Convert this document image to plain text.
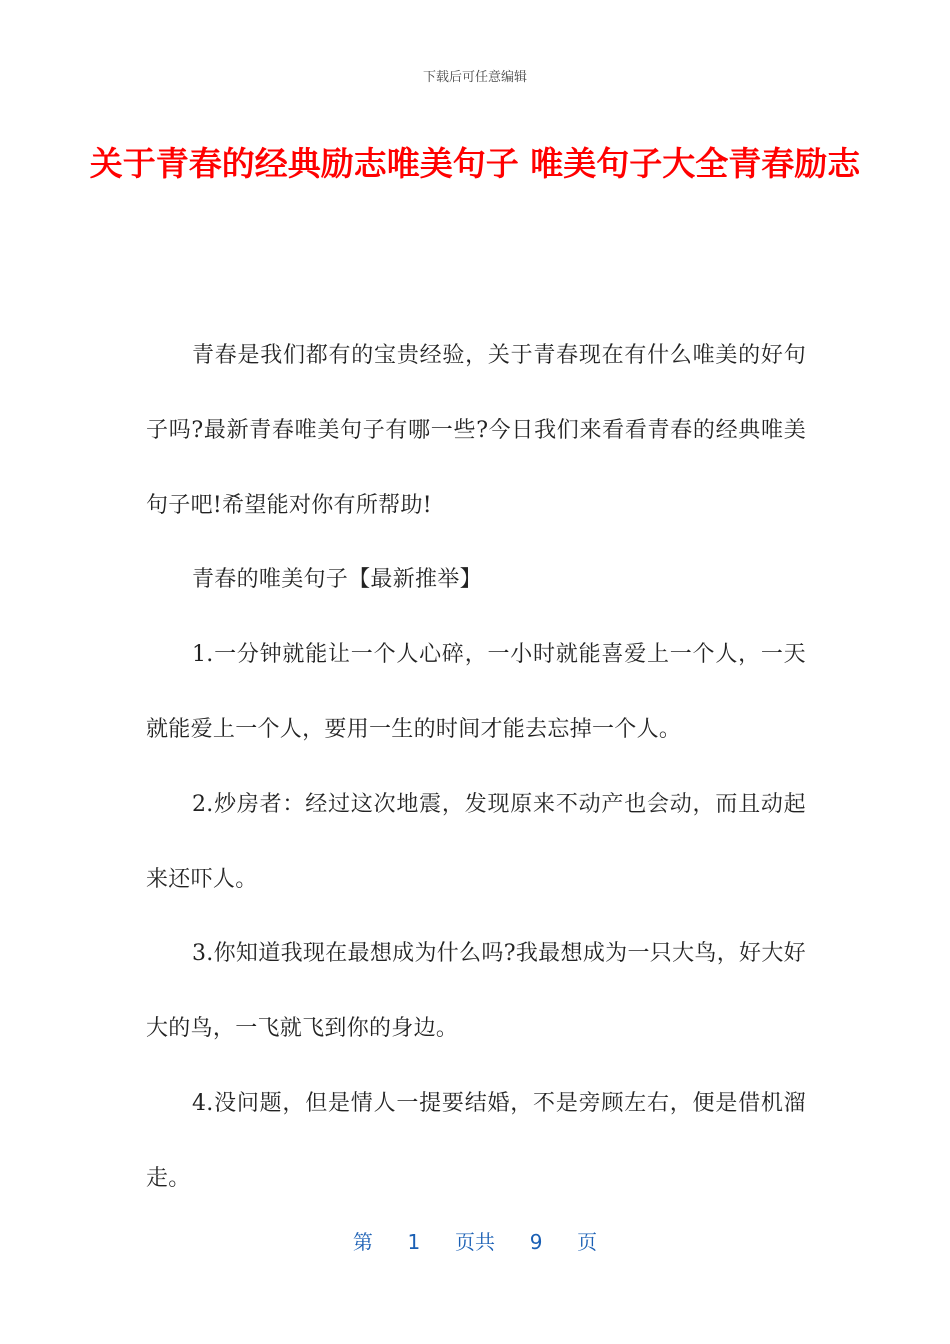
下载后可任意编辑
关于青春的经典励志唯美句子 唯美句子大全青春励志

青春是我们都有的宝贵经验，关于青春现在有什么唯美的好句子吗?最新青春唯美句子有哪一些?今日我们来看看青春的经典唯美句子吧!希望能对你有所帮助!

青春的唯美句子【最新推举】

1.一分钟就能让一个人心碎，一小时就能喜爱上一个人，一天就能爱上一个人，要用一生的时间才能去忘掉一个人。

2.炒房者：经过这次地震，发现原来不动产也会动，而且动起来还吓人。

3.你知道我现在最想成为什么吗?我最想成为一只大鸟，好大好大的鸟，一飞就飞到你的身边。

4.没问题，但是情人一提要结婚，不是旁顾左右，便是借机溜走。

第 1 页共 9 页
